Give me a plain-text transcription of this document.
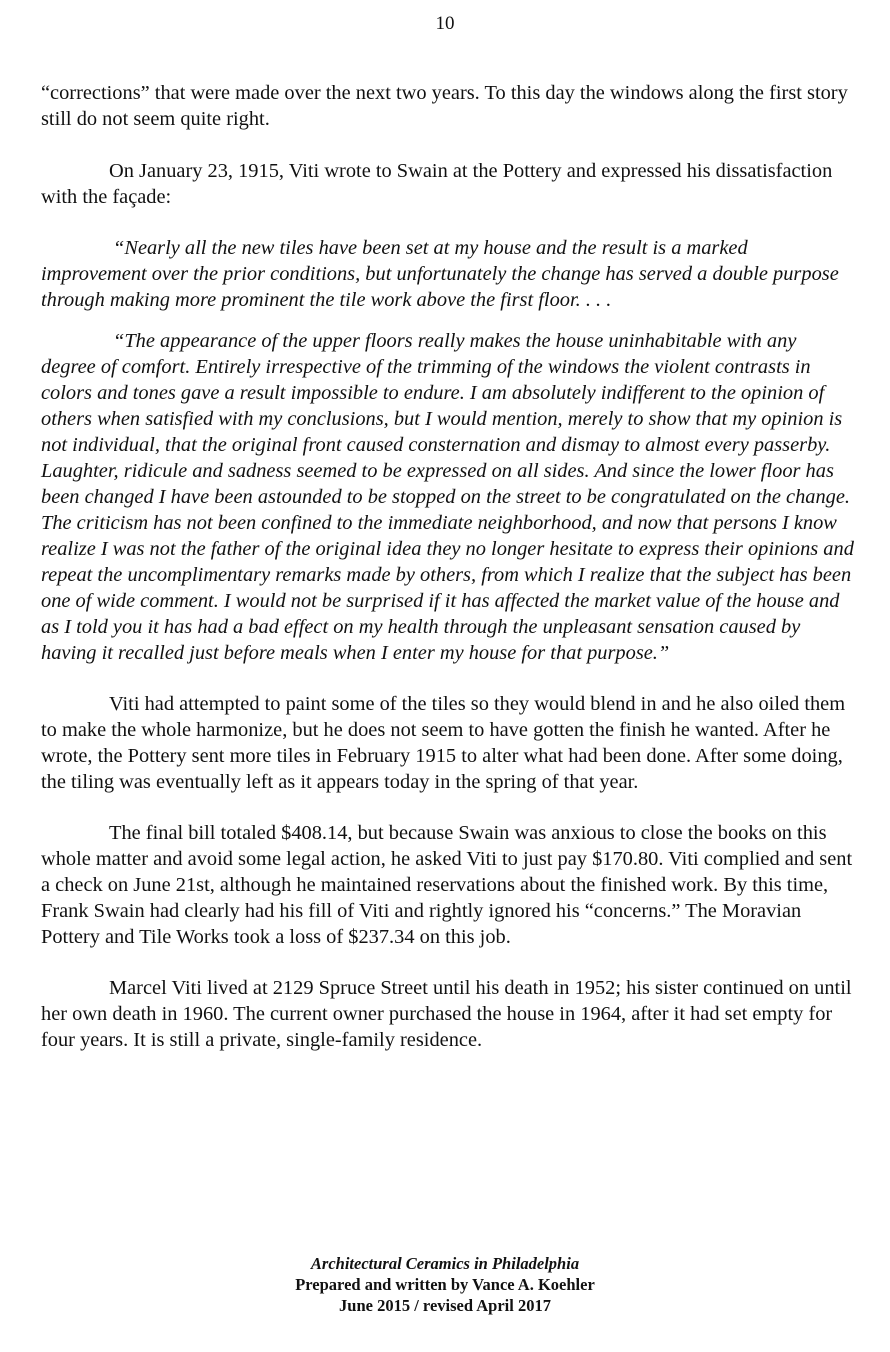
10

“corrections” that were made over the next two years. To this day the windows along the first story still do not seem quite right.

On January 23, 1915, Viti wrote to Swain at the Pottery and expressed his dissatisfaction with the façade:

“Nearly all the new tiles have been set at my house and the result is a marked improvement over the prior conditions, but unfortunately the change has served a double purpose through making more prominent the tile work above the first floor. . . .

“The appearance of the upper floors really makes the house uninhabitable with any degree of comfort. Entirely irrespective of the trimming of the windows the violent contrasts in colors and tones gave a result impossible to endure. I am absolutely indifferent to the opinion of others when satisfied with my conclusions, but I would mention, merely to show that my opinion is not individual, that the original front caused consternation and dismay to almost every passerby. Laughter, ridicule and sadness seemed to be expressed on all sides. And since the lower floor has been changed I have been astounded to be stopped on the street to be congratulated on the change. The criticism has not been confined to the immediate neighborhood, and now that persons I know realize I was not the father of the original idea they no longer hesitate to express their opinions and repeat the uncomplimentary remarks made by others, from which I realize that the subject has been one of wide comment. I would not be surprised if it has affected the market value of the house and as I told you it has had a bad effect on my health through the unpleasant sensation caused by having it recalled just before meals when I enter my house for that purpose.”

Viti had attempted to paint some of the tiles so they would blend in and he also oiled them to make the whole harmonize, but he does not seem to have gotten the finish he wanted. After he wrote, the Pottery sent more tiles in February 1915 to alter what had been done. After some doing, the tiling was eventually left as it appears today in the spring of that year.

The final bill totaled $408.14, but because Swain was anxious to close the books on this whole matter and avoid some legal action, he asked Viti to just pay $170.80. Viti complied and sent a check on June 21st, although he maintained reservations about the finished work. By this time, Frank Swain had clearly had his fill of Viti and rightly ignored his “concerns.” The Moravian Pottery and Tile Works took a loss of $237.34 on this job.

Marcel Viti lived at 2129 Spruce Street until his death in 1952; his sister continued on until her own death in 1960. The current owner purchased the house in 1964, after it had set empty for four years. It is still a private, single-family residence.

Architectural Ceramics in Philadelphia
Prepared and written by Vance A. Koehler
June 2015 / revised April 2017
